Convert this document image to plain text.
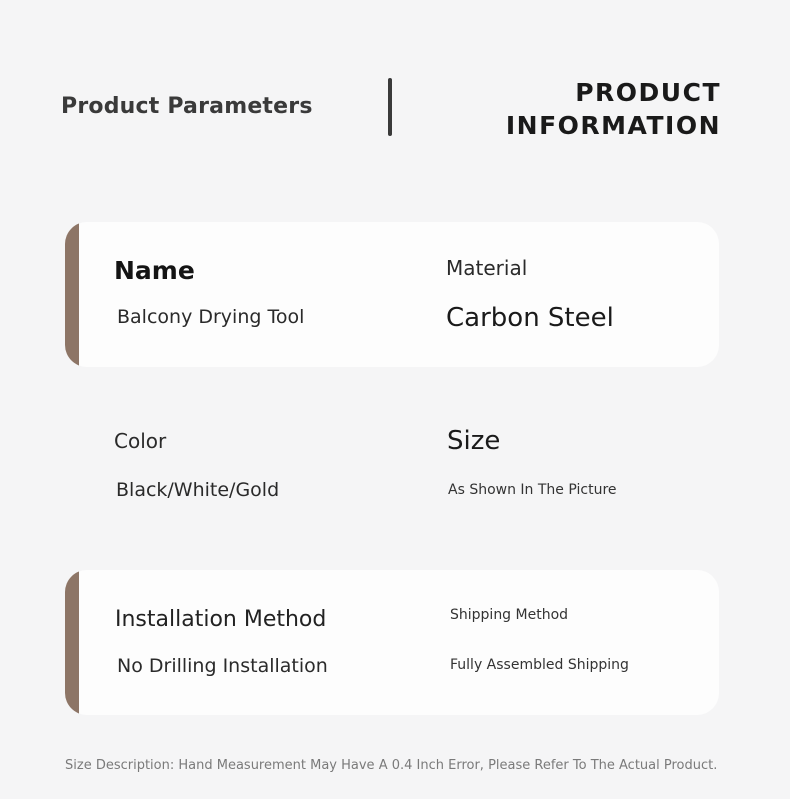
Product Parameters	PRODUCT
INFORMATION
Name
Balcony Drying Tool
Material
Carbon Steel
Color
Black/White/Gold
Size
As Shown In The Picture
Installation Method
No Drilling Installation
Shipping Method
Fully Assembled Shipping
Size Description: Hand Measurement May Have A 0.4 Inch Error, Please Refer To The Actual Product.
